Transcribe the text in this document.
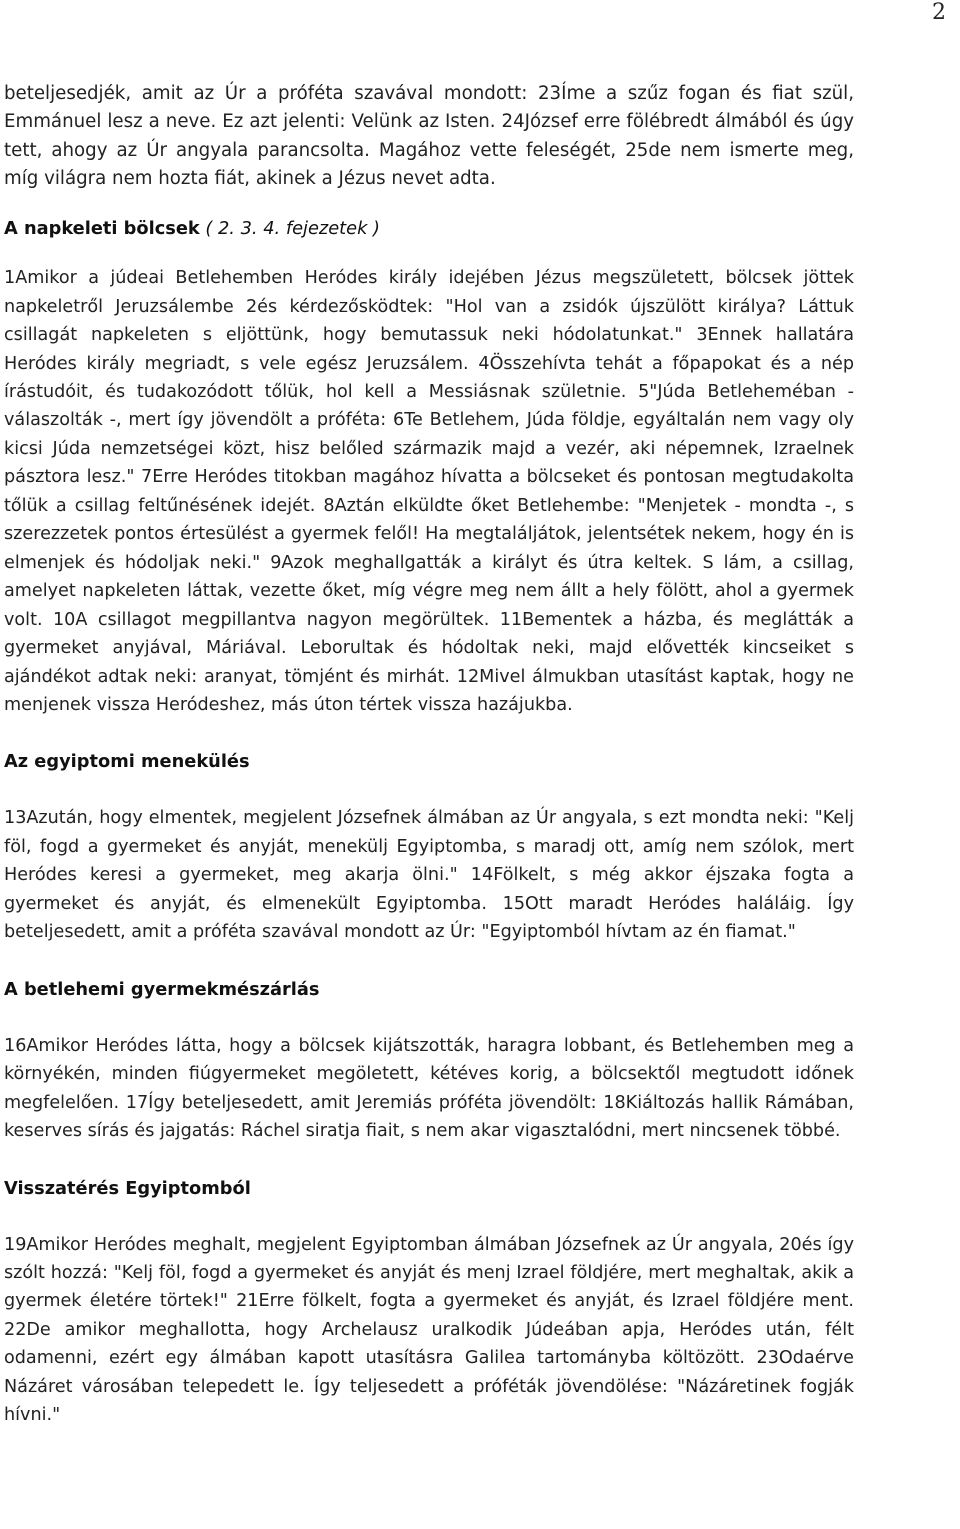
2

beteljesedjék, amit az Úr a próféta szavával mondott: 23Íme a szűz fogan és fiat szül, Emmánuel lesz a neve. Ez azt jelenti: Velünk az Isten. 24József erre fölébredt álmából és úgy tett, ahogy az Úr angyala parancsolta. Magához vette feleségét, 25de nem ismerte meg, míg világra nem hozta fiát, akinek a Jézus nevet adta.

A napkeleti bölcsek ( 2. 3. 4. fejezetek )

1Amikor a júdeai Betlehemben Heródes király idejében Jézus megszületett, bölcsek jöttek napkeletről Jeruzsálembe 2és kérdezősködtek: "Hol van a zsidók újszülött királya? Láttuk csillagát napkeleten s eljöttünk, hogy bemutassuk neki hódolatunkat." 3Ennek hallatára Heródes király megriadt, s vele egész Jeruzsálem. 4Összehívta tehát a főpapokat és a nép írástudóit, és tudakozódott tőlük, hol kell a Messiásnak születnie. 5"Júda Betleheméban - válaszolták -, mert így jövendölt a próféta: 6Te Betlehem, Júda földje, egyáltalán nem vagy oly kicsi Júda nemzetségei közt, hisz belőled származik majd a vezér, aki népemnek, Izraelnek pásztora lesz." 7Erre Heródes titokban magához hívatta a bölcseket és pontosan megtudakolta tőlük a csillag feltűnésének idejét. 8Aztán elküldte őket Betlehembe: "Menjetek - mondta -, s szerezzetek pontos értesülést a gyermek felől! Ha megtaláljátok, jelentsétek nekem, hogy én is elmenjek és hódoljak neki." 9Azok meghallgatták a királyt és útra keltek. S lám, a csillag, amelyet napkeleten láttak, vezette őket, míg végre meg nem állt a hely fölött, ahol a gyermek volt. 10A csillagot megpillantva nagyon megörültek. 11Bementek a házba, és meglátták a gyermeket anyjával, Máriával. Leborultak és hódoltak neki, majd elővették kincseiket s ajándékot adtak neki: aranyat, tömjént és mirhát. 12Mivel álmukban utasítást kaptak, hogy ne menjenek vissza Heródeshez, más úton tértek vissza hazájukba.

Az egyiptomi menekülés

13Azután, hogy elmentek, megjelent Józsefnek álmában az Úr angyala, s ezt mondta neki: "Kelj föl, fogd a gyermeket és anyját, menekülj Egyiptomba, s maradj ott, amíg nem szólok, mert Heródes keresi a gyermeket, meg akarja ölni." 14Fölkelt, s még akkor éjszaka fogta a gyermeket és anyját, és elmenekült Egyiptomba. 15Ott maradt Heródes haláláig. Így beteljesedett, amit a próféta szavával mondott az Úr: "Egyiptomból hívtam az én fiamat."

A betlehemi gyermekmészárlás

16Amikor Heródes látta, hogy a bölcsek kijátszották, haragra lobbant, és Betlehemben meg a környékén, minden fiúgyermeket megöletett, kétéves korig, a bölcsektől megtudott időnek megfelelően. 17Így beteljesedett, amit Jeremiás próféta jövendölt: 18Kiáltozás hallik Rámában, keserves sírás és jajgatás: Ráchel siratja fiait, s nem akar vigasztalódni, mert nincsenek többé.

Visszatérés Egyiptomból

19Amikor Heródes meghalt, megjelent Egyiptomban álmában Józsefnek az Úr angyala, 20és így szólt hozzá: "Kelj föl, fogd a gyermeket és anyját és menj Izrael földjére, mert meghaltak, akik a gyermek életére törtek!" 21Erre fölkelt, fogta a gyermeket és anyját, és Izrael földjére ment. 22De amikor meghallotta, hogy Archelausz uralkodik Júdeában apja, Heródes után, félt odamenni, ezért egy álmában kapott utasításra Galilea tartományba költözött. 23Odaérve Názáret városában telepedett le. Így teljesedett a próféták jövendölése: "Názáretinek fogják hívni."
